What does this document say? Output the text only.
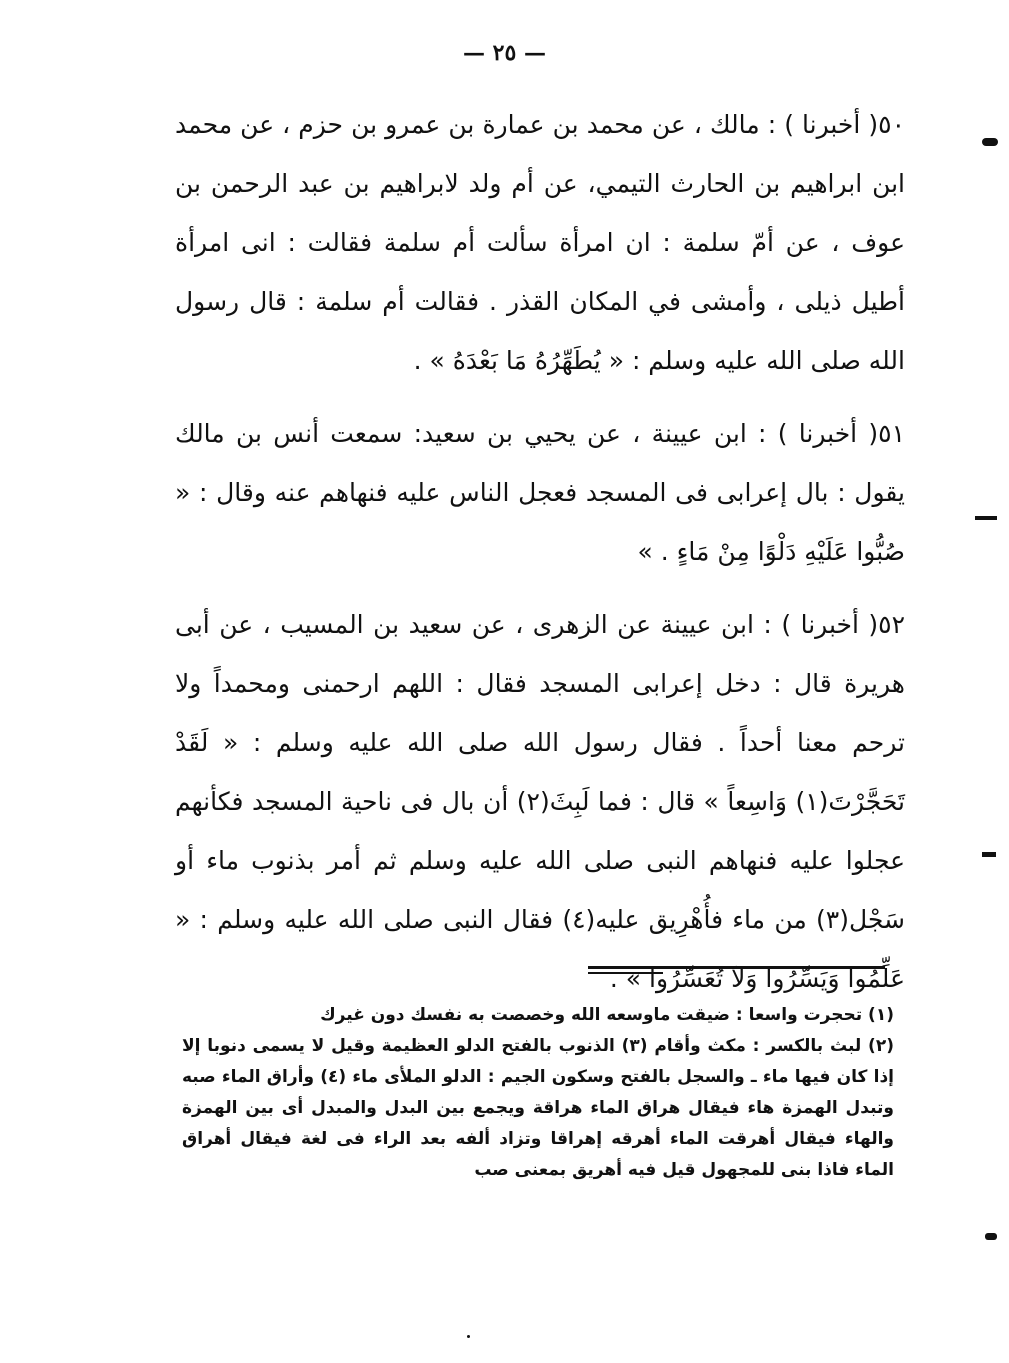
— ٢٥ —

٥٠( أخبرنا ) : مالك ، عن محمد بن عمارة بن عمرو بن حزم ، عن محمد ابن ابراهيم بن الحارث التيمي، عن أم ولد لابراهيم بن عبد الرحمن بن عوف ، عن أمّ سلمة : ان امرأة سألت أم سلمة فقالت : انى امرأة أطيل ذيلى ، وأمشى في المكان القذر . فقالت أم سلمة : قال رسول الله صلى الله عليه وسلم : « يُطَهِّرُهُ مَا بَعْدَهُ » .

٥١( أخبرنا ) : ابن عيينة ، عن يحيي بن سعيد: سمعت أنس بن مالك يقول : بال إعرابى فى المسجد فعجل الناس عليه فنهاهم عنه وقال : « صُبُّوا عَلَيْهِ دَلْوًا مِنْ مَاءٍ . »

٥٢( أخبرنا ) : ابن عيينة عن الزهرى ، عن سعيد بن المسيب ، عن أبى هريرة قال : دخل إعرابى المسجد فقال : اللهم ارحمنى ومحمداً ولا ترحم معنا أحداً . فقال رسول الله صلى الله عليه وسلم : « لَقَدْ تَحَجَّرْتَ(١) وَاسِعاً » قال : فما لَبِثَ(٢) أن بال فى ناحية المسجد فكأنهم عجلوا عليه فنهاهم النبى صلى الله عليه وسلم ثم أمر بذنوب ماء أو سَجْل(٣) من ماء فأُهْرِيق عليه(٤) فقال النبى صلى الله عليه وسلم : « عَلِّمُوا وَيَسِّرُوا وَلاَ تُعَسِّرُوا » .

(١) تحجرت واسعا : ضيقت ماوسعه الله وخصصت به نفسك دون غيرك

(٢) لبث بالكسر : مكث وأقام (٣) الذنوب بالفتح الدلو العظيمة وقيل لا يسمى دنوبا إلا إذا كان فيها ماء ـ والسجل بالفتح وسكون الجيم : الدلو الملأى ماء (٤) وأراق الماء صبه وتبدل الهمزة هاء فيقال هراق الماء هراقة ويجمع بين البدل والمبدل أى بين الهمزة والهاء فيقال أهرقت الماء أهرقه إهراقا وتزاد ألفه بعد الراء فى لغة فيقال أهراق الماء فاذا بنى للمجهول قيل فيه أهريق بمعنى صب
